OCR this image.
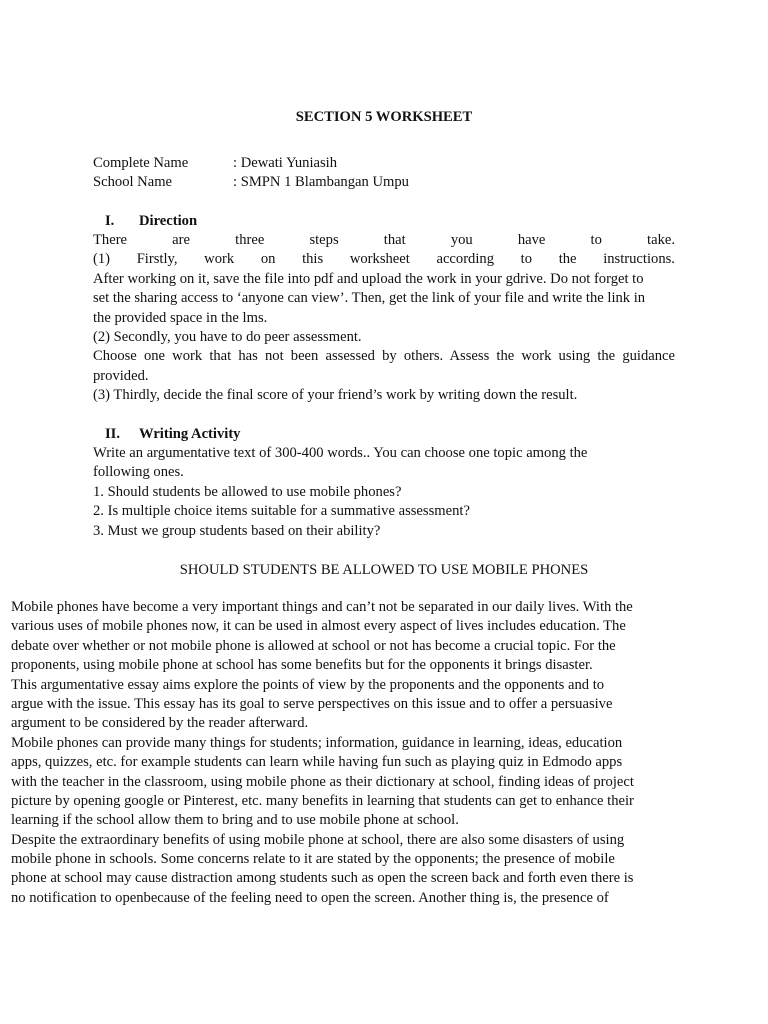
SECTION 5 WORKSHEET
Complete Name	: Dewati Yuniasih
School Name	: SMPN 1 Blambangan Umpu
I. Direction
There	are	three	steps	that	you	have	to	take.
(1) Firstly, work on this worksheet according to the instructions.
After working on it, save the file into pdf and upload the work in your gdrive. Do not forget to
set the sharing access to ‘anyone can view’. Then, get the link of your file and write the link in
the provided space in the lms.
(2) Secondly, you have to do peer assessment.
Choose one work that has not been assessed by others. Assess the work using the guidance
provided.
(3) Thirdly, decide the final score of your friend’s work by writing down the result.
II. Writing Activity
Write an argumentative text of 300-400 words.. You can choose one topic among the
following ones.
1. Should students be allowed to use mobile phones?
2. Is multiple choice items suitable for a summative assessment?
3. Must we group students based on their ability?
SHOULD STUDENTS BE ALLOWED TO USE MOBILE PHONES
Mobile phones have become a very important things and can’t not be separated in our daily lives. With the
various uses of mobile phones now, it can be used in almost every aspect of lives includes education. The
debate over whether or not mobile phone is allowed at school or not has become a crucial topic. For the
proponents, using mobile phone at school has some benefits but for the opponents it brings disaster.
This argumentative essay aims explore the points of view by the proponents and the opponents and to
argue with the issue. This essay has its goal to serve perspectives on this issue and to offer a persuasive
argument to be considered by the reader afterward.
Mobile phones can provide many things for students; information, guidance in learning, ideas, education
apps, quizzes, etc. for example students can learn while having fun such as playing quiz in Edmodo apps
with the teacher in the classroom, using mobile phone as their dictionary at school, finding ideas of project
picture by opening google or Pinterest, etc. many benefits in learning that students can get to enhance their
learning if the school allow them to bring and to use mobile phone at school.
Despite the extraordinary benefits of using mobile phone at school, there are also some disasters of using
mobile phone in schools. Some concerns relate to it are stated by the opponents; the presence of mobile
phone at school may cause distraction among students such as open the screen back and forth even there is
no notification to openbecause of the feeling need to open the screen. Another thing is, the presence of
